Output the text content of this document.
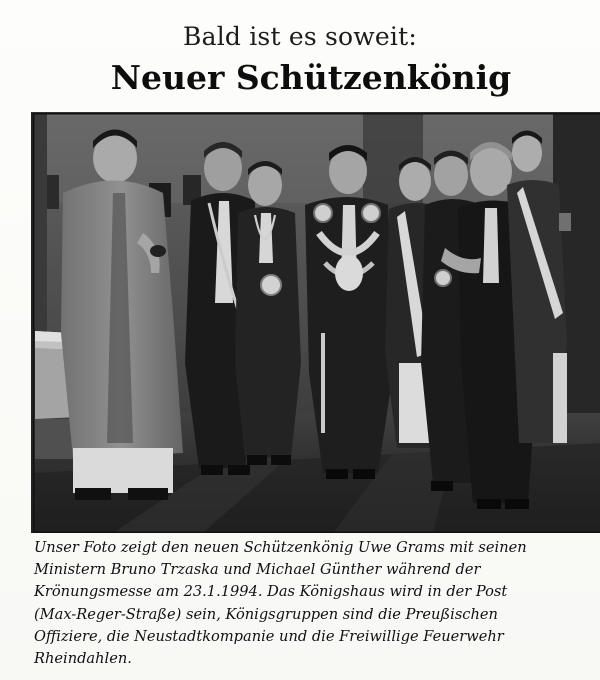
Bald ist es soweit:
Neuer Schützenkönig
Unser Foto zeigt den neuen Schützenkönig Uwe Grams mit seinen
Ministern Bruno Trzaska und Michael Günther während der
Krönungsmesse am 23.1.1994. Das Königshaus wird in der Post
(Max-Reger-Straße) sein, Königsgruppen sind die Preußischen
Offiziere, die Neustadtkompanie und die Freiwillige Feuerwehr
Rheindahlen.
